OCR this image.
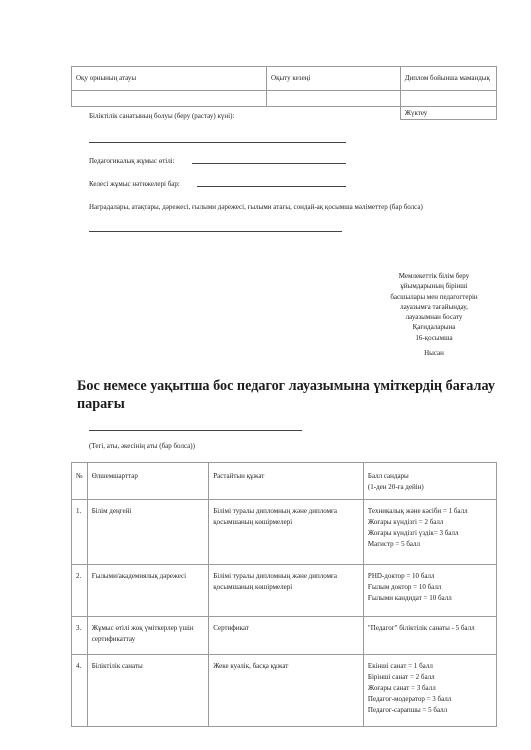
Оқу орнының атауы	Оқыту кезеңі	Диплом бойынша мамандық

		Жүктеу
Біліктілік санатының болуы (беру (растау) күні):
Педагогикалық жұмыс өтілі:
Келесі жұмыс нәтижелері бар:
Наградалары, атақтары, дәрежесі, ғылыми дәрежесі, ғылыми атағы, сондай-ақ қосымша мәліметтер (бар болса)
Мемлекеттік білім беру
ұйымдарының бірінші
басшылары мен педагогтерін
лауазымға тағайындау,
лауазымнан босату
Қағидаларына
16-қосымша
Нысан
Бос немесе уақытша бос педагог лауазымына үміткердің бағалау парағы
(Тегі, аты, әкесінің аты (бар болса))
№	Өлшемшарттар	Растайтын құжат	Балл сандары
(1-ден 20-ға дейін)

1.	Білім деңгейі	Білімі туралы дипломның және дипломға қосымшаның көшірмелері	Техникалық және кәсіби = 1 балл
Жоғары күндізгі = 2 балл
Жоғары күндізгі үздік= 3 балл
Магистр = 5 балл

2.	Ғылыми/академиялық дәрежесі	Білімі туралы дипломның және дипломға қосымшаның көшірмелері	PHD-доктор = 10 балл
Ғылым доктор = 10 балл
Ғылыми кандидат = 10 балл

3.	Жұмыс өтілі жоқ үміткерлер үшін сертификаттау	Сертификат	"Педагог" біліктілік санаты - 5 балл

4.	Біліктілік санаты	Жеке куәлік, басқа құжат	Екінші санат = 1 балл
Бірінші санат = 2 балл
Жоғары санат = 3 балл
Педагог-модератор = 3 балл
Педагог-сарапшы = 5 балл
